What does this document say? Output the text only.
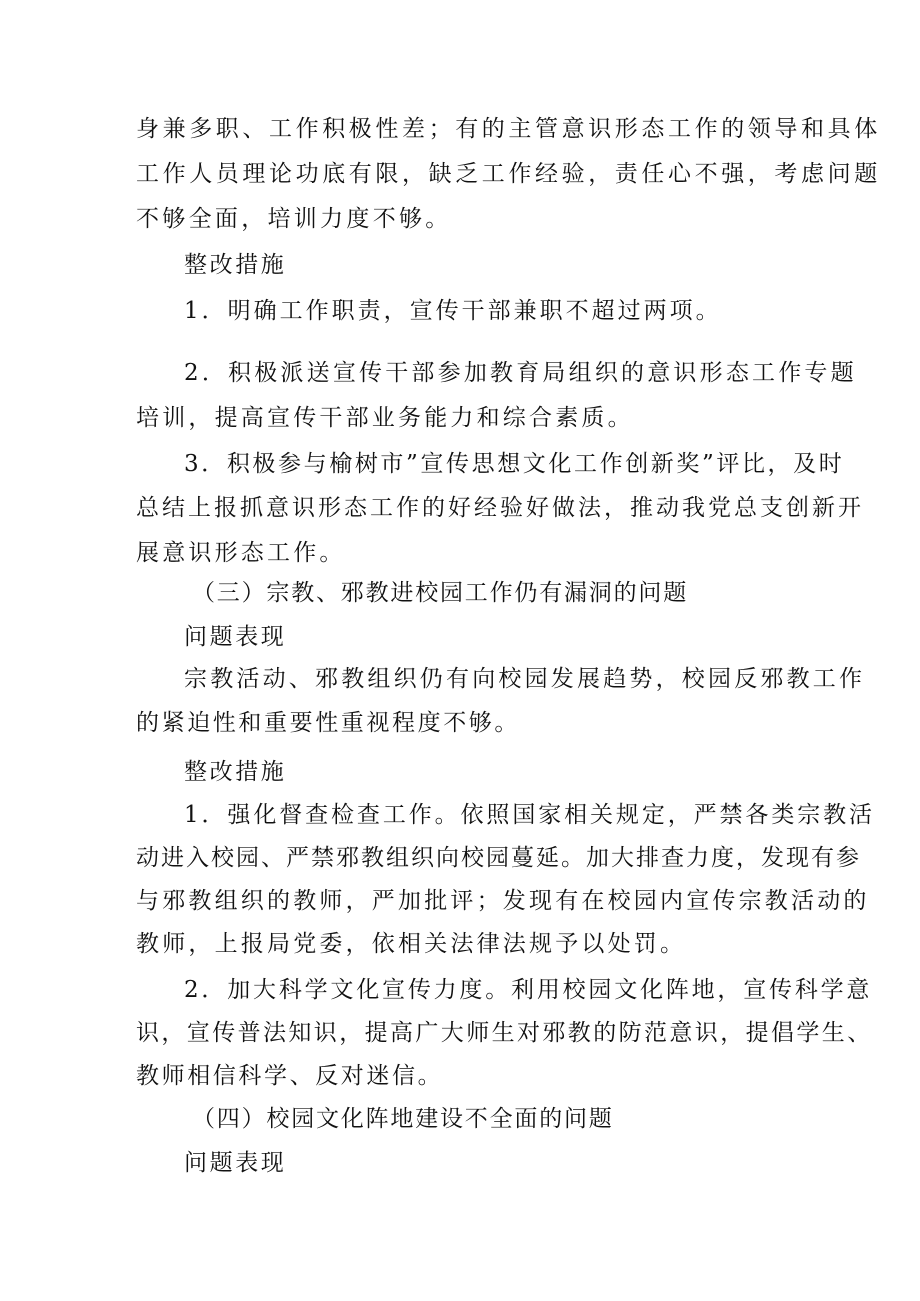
身兼多职、工作积极性差；有的主管意识形态工作的领导和具体
工作人员理论功底有限，缺乏工作经验，责任心不强，考虑问题
不够全面，培训力度不够。
整改措施
1．明确工作职责，宣传干部兼职不超过两项。
2．积极派送宣传干部参加教育局组织的意识形态工作专题
培训，提高宣传干部业务能力和综合素质。
3．积极参与榆树市”宣传思想文化工作创新奖”评比，及时
总结上报抓意识形态工作的好经验好做法，推动我党总支创新开
展意识形态工作。
（三）宗教、邪教进校园工作仍有漏洞的问题
问题表现
宗教活动、邪教组织仍有向校园发展趋势，校园反邪教工作
的紧迫性和重要性重视程度不够。
整改措施
1．强化督查检查工作。依照国家相关规定，严禁各类宗教活
动进入校园、严禁邪教组织向校园蔓延。加大排查力度，发现有参
与邪教组织的教师，严加批评；发现有在校园内宣传宗教活动的
教师，上报局党委，依相关法律法规予以处罚。
2．加大科学文化宣传力度。利用校园文化阵地，宣传科学意
识，宣传普法知识，提高广大师生对邪教的防范意识，提倡学生、
教师相信科学、反对迷信。
（四）校园文化阵地建设不全面的问题
问题表现
